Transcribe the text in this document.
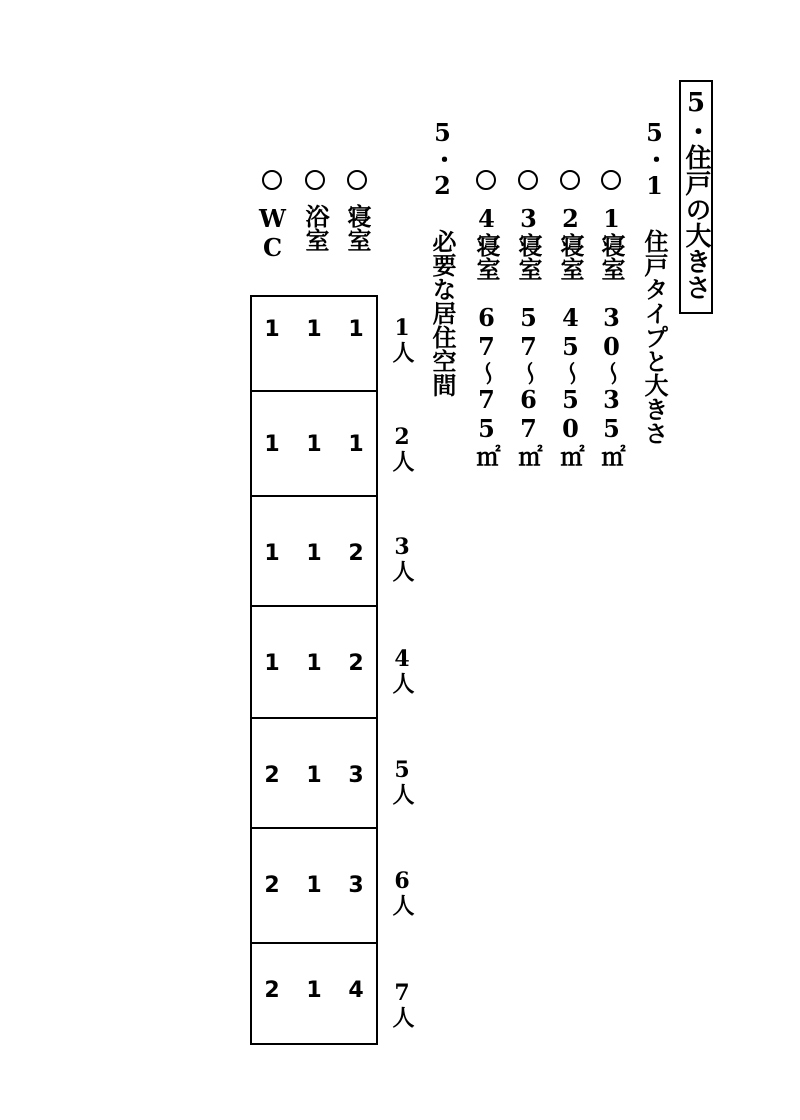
5・住戸の大きさ
5・1 住戸タイプと大きさ
1寝室30〜35㎡
2寝室45〜50㎡
3寝室57〜67㎡
4寝室67〜75㎡
5・2 必要な居住空間
寝室
浴室
WC
1
1
1
1
1
1
2
1
1
2
1
1
3
1
2
3
1
2
4
1
2
1人
2人
3人
4人
5人
6人
7人
